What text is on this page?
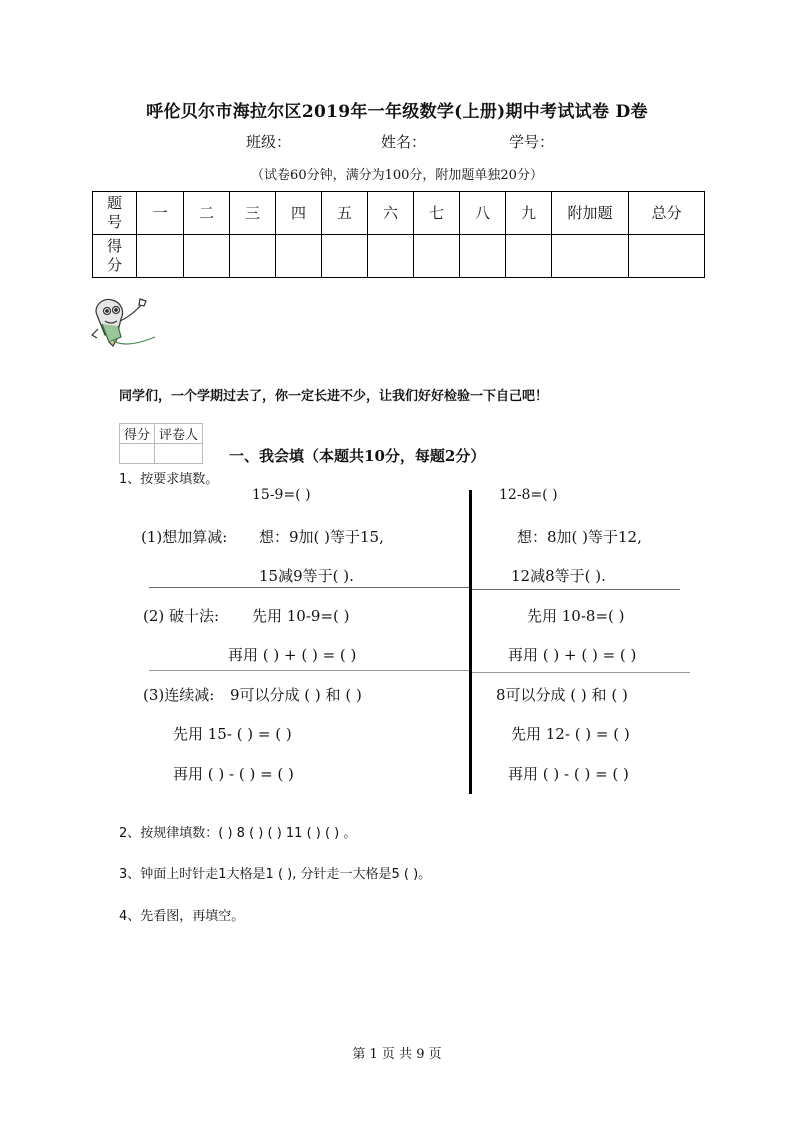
呼伦贝尔市海拉尔区2019年一年级数学(上册)期中考试试卷 D卷
班级：	姓名：	学号：
（试卷60分钟，满分为100分，附加题单独20分）
题号	一	二	三	四	五	六	七	八	九	附加题	总分
得分											
同学们，一个学期过去了，你一定长进不少，让我们好好检验一下自己吧！
得分	评卷人

一、我会填（本题共10分，每题2分）
1、按要求填数。
15-9=( )
(1)想加算减: 想：9加( )等于15,
15减9等于( ).
(2) 破十法: 先用 10-9=( )
再用 ( ) + ( ) = ( )
(3)连续减: 9可以分成 ( ) 和 ( )
先用 15- ( ) = ( )
再用 ( ) - ( ) = ( )
12-8=( )
想：8加( )等于12,
12减8等于( ).
先用 10-8=( )
再用 ( ) + ( ) = ( )
8可以分成 ( ) 和 ( )
先用 12- ( ) = ( )
再用 ( ) - ( ) = ( )
2、按规律填数：( ) 8 ( ) ( ) 11 ( ) ( ) 。
3、钟面上时针走1大格是1 ( ), 分针走一大格是5 ( )。
4、先看图，再填空。
第 1 页 共 9 页
